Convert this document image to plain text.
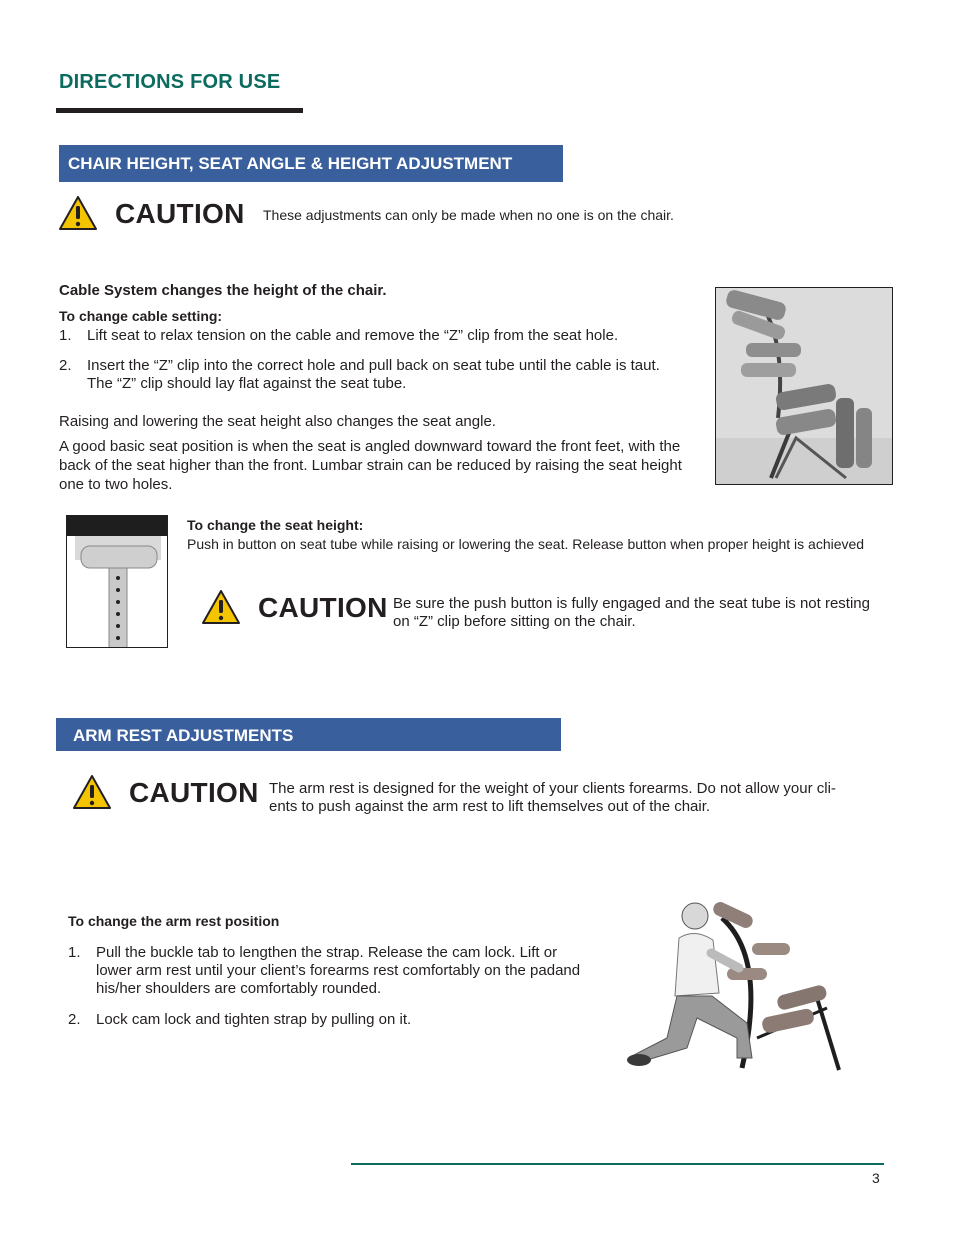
DIRECTIONS FOR USE
CHAIR HEIGHT, SEAT ANGLE & HEIGHT ADJUSTMENT
CAUTION These adjustments can only be made when no one is on the chair.
Cable System changes the height of the chair.
To change cable setting:
1. Lift seat to relax tension on the cable and remove the “Z” clip from the seat hole.
2. Insert the “Z” clip into the correct hole and pull back on seat tube until the cable is taut.
The “Z” clip should lay flat against the seat tube.
Raising and lowering the seat height also changes the seat angle.
A good basic seat position is when the seat is angled downward toward the front feet, with the
back of the seat higher than the front. Lumbar strain can be reduced by raising the seat height
one to two holes.
To change the seat height:
Push in button on seat tube while raising or lowering the seat. Release button when proper height is achieved
CAUTION Be sure the push button is fully engaged and the seat tube is not resting
on “Z” clip before sitting on the chair.
ARM REST ADJUSTMENTS
CAUTION The arm rest is designed for the weight of your clients forearms. Do not allow your cli-
ents to push against the arm rest to lift themselves out of the chair.
To change the arm rest position
1. Pull the buckle tab to lengthen the strap. Release the cam lock. Lift or
lower arm rest until your client’s forearms rest comfortably on the padand
his/her shoulders are comfortably rounded.
2. Lock cam lock and tighten strap by pulling on it.
3
